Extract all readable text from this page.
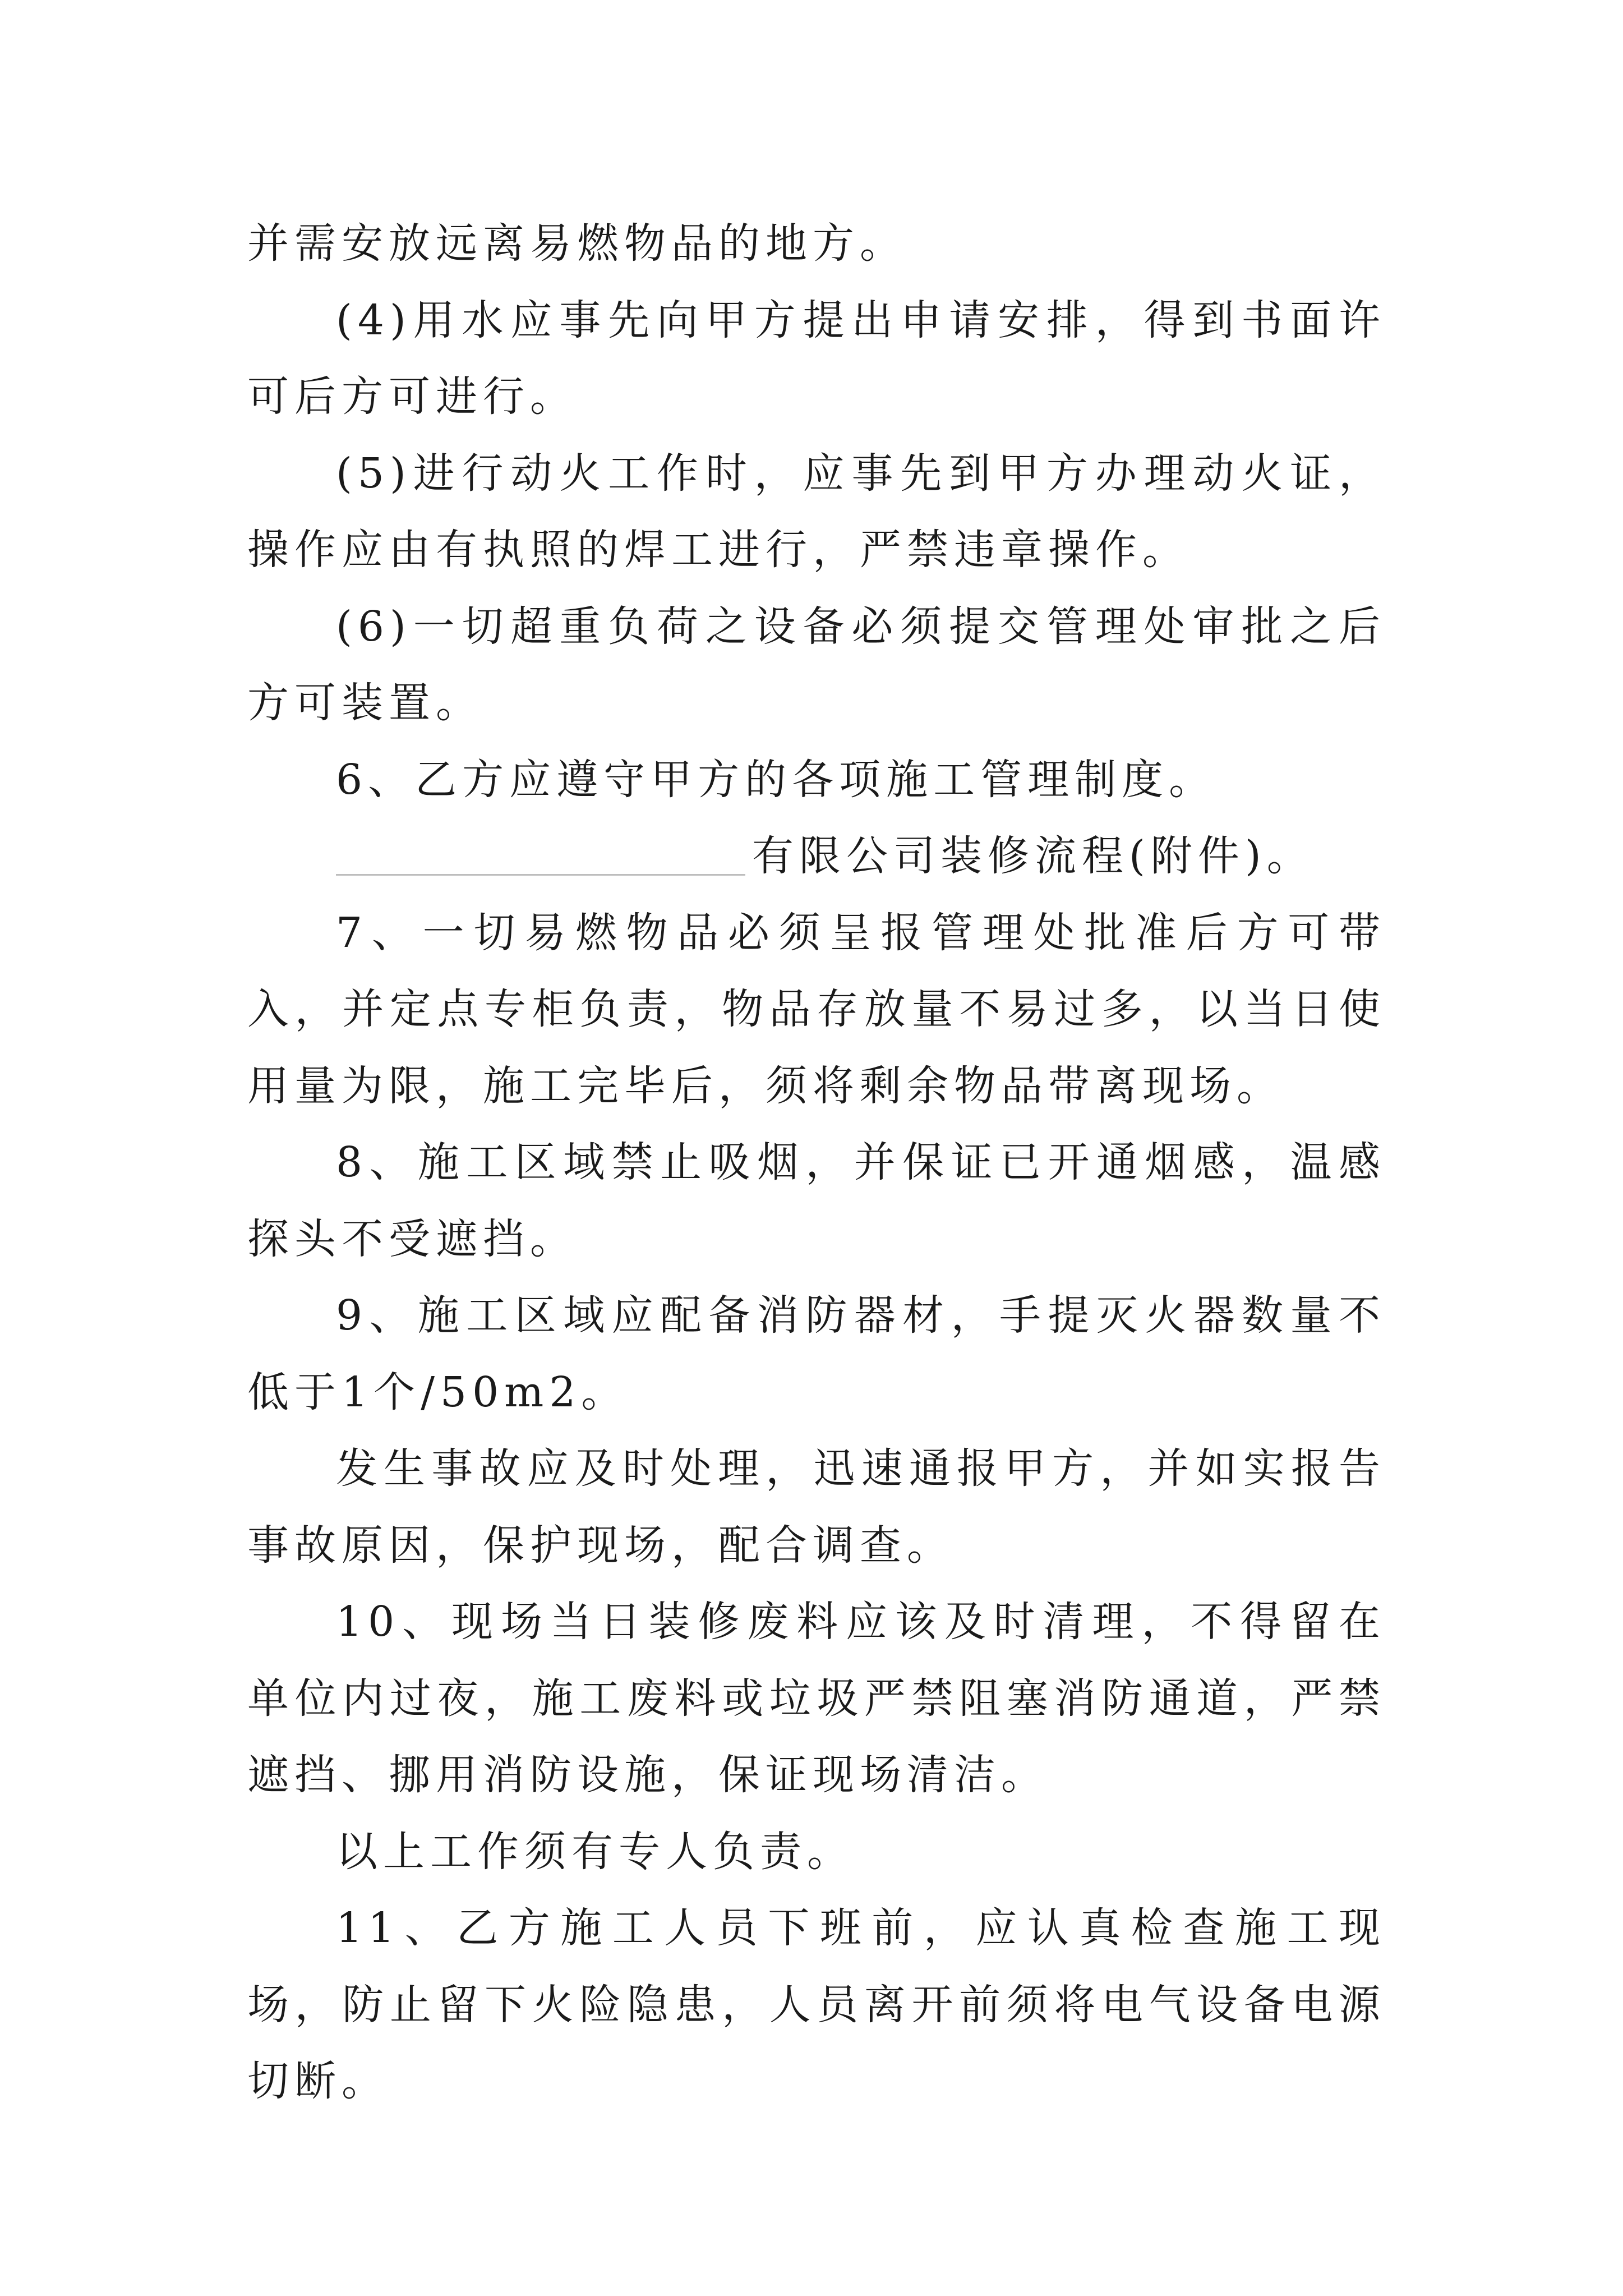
并需安放远离易燃物品的地方。

(4)用水应事先向甲方提出申请安排，得到书面许可后方可进行。

(5)进行动火工作时，应事先到甲方办理动火证，操作应由有执照的焊工进行，严禁违章操作。

(6)一切超重负荷之设备必须提交管理处审批之后方可装置。

6、乙方应遵守甲方的各项施工管理制度。

有限公司装修流程(附件)。

7、一切易燃物品必须呈报管理处批准后方可带入，并定点专柜负责，物品存放量不易过多，以当日使用量为限，施工完毕后，须将剩余物品带离现场。

8、施工区域禁止吸烟，并保证已开通烟感，温感探头不受遮挡。

9、施工区域应配备消防器材，手提灭火器数量不低于1个/50m2。

发生事故应及时处理，迅速通报甲方，并如实报告事故原因，保护现场，配合调查。

10、现场当日装修废料应该及时清理，不得留在单位内过夜，施工废料或垃圾严禁阻塞消防通道，严禁遮挡、挪用消防设施，保证现场清洁。

以上工作须有专人负责。

11、乙方施工人员下班前，应认真检查施工现场，防止留下火险隐患，人员离开前须将电气设备电源切断。
